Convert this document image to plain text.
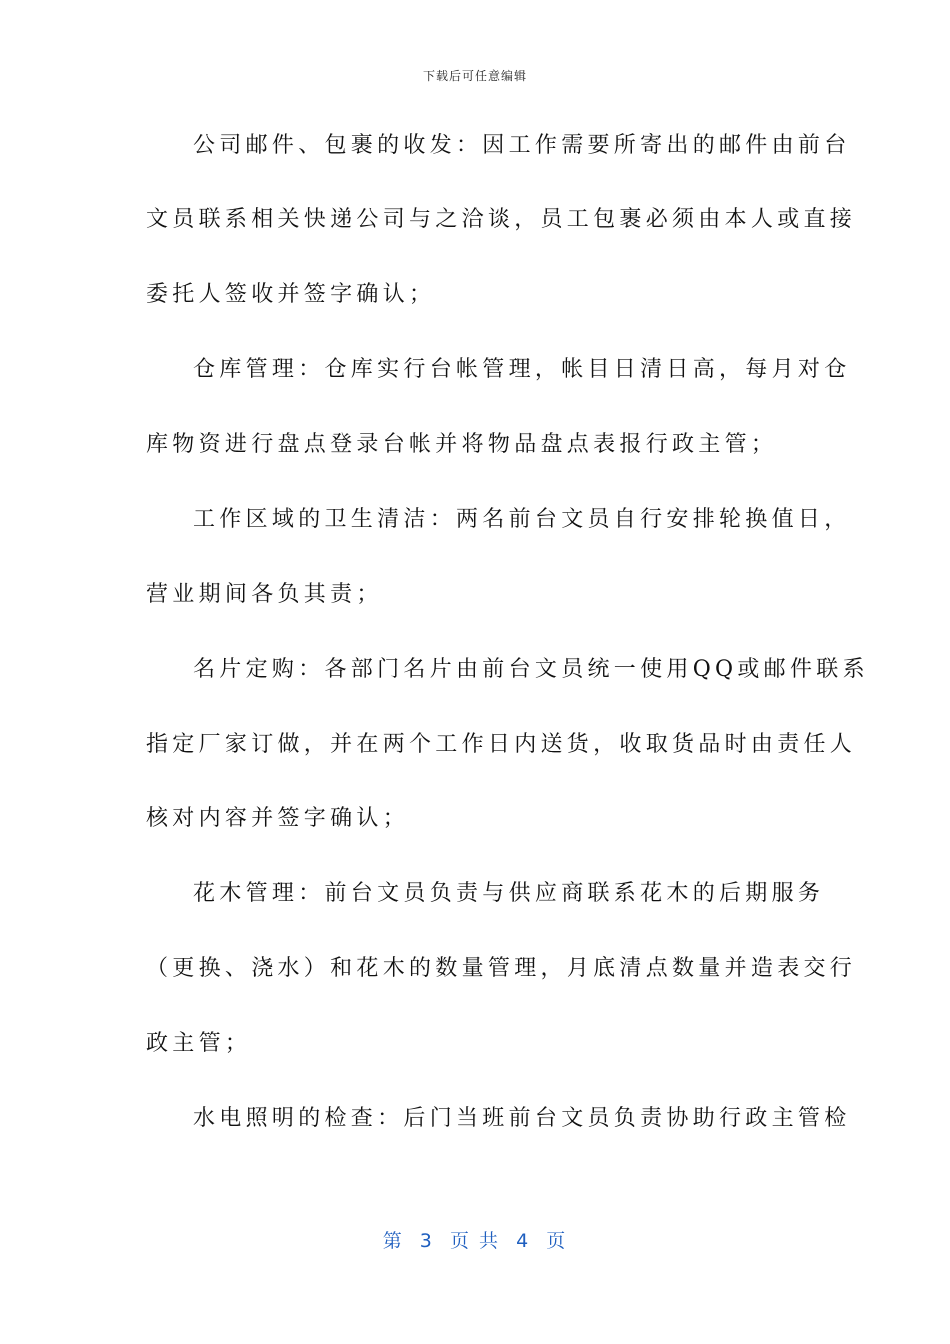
下载后可任意编辑
公司邮件、包裹的收发：因工作需要所寄出的邮件由前台
文员联系相关快递公司与之洽谈，员工包裹必须由本人或直接
委托人签收并签字确认；
仓库管理：仓库实行台帐管理，帐目日清日高，每月对仓
库物资进行盘点登录台帐并将物品盘点表报行政主管；
工作区域的卫生清洁：两名前台文员自行安排轮换值日，
营业期间各负其责；
名片定购：各部门名片由前台文员统一使用QQ或邮件联系
指定厂家订做，并在两个工作日内送货，收取货品时由责任人
核对内容并签字确认；
花木管理：前台文员负责与供应商联系花木的后期服务
（更换、浇水）和花木的数量管理，月底清点数量并造表交行
政主管；
水电照明的检查：后门当班前台文员负责协助行政主管检
第  3  页 共  4  页
